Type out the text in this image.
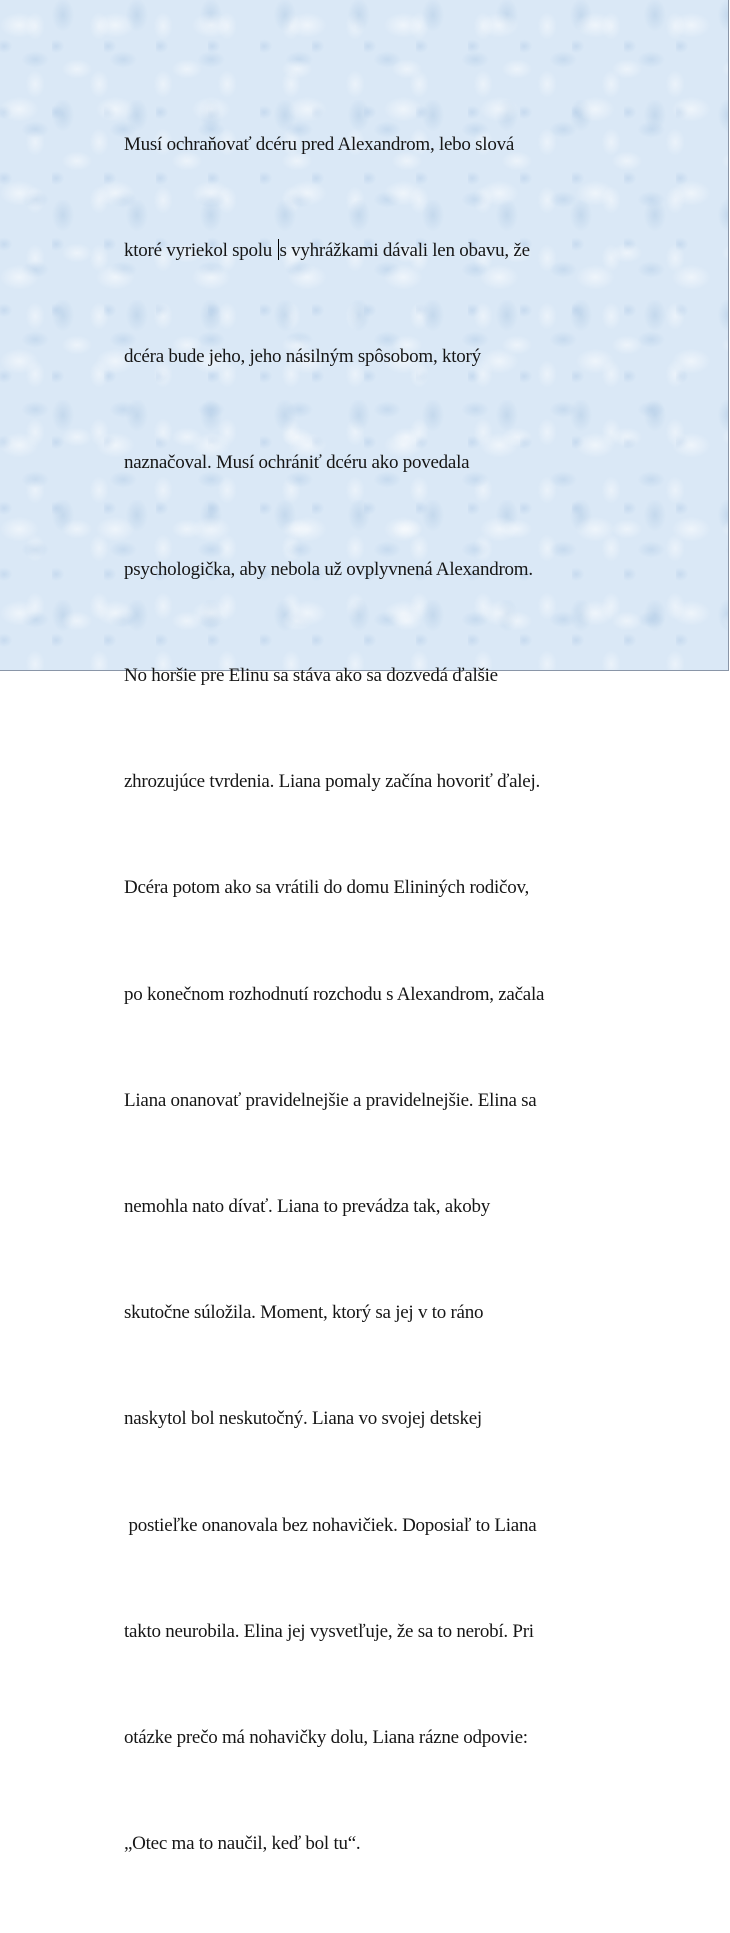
Musí ochraňovať dcéru pred Alexandrom, lebo slová

ktoré vyriekol spolu s vyhrážkami dávali len obavu, že

dcéra bude jeho, jeho násilným spôsobom, ktorý

naznačoval. Musí ochrániť dcéru ako povedala

psychologička, aby nebola už ovplyvnená Alexandrom.

No horšie pre Elinu sa stáva ako sa dozvedá ďalšie

zhrozujúce tvrdenia. Liana pomaly začína hovoriť ďalej.

Dcéra potom ako sa vrátili do domu Elininých rodičov,

po konečnom rozhodnutí rozchodu s Alexandrom, začala

Liana onanovať pravidelnejšie a pravidelnejšie. Elina sa

nemohla nato dívať. Liana to prevádza tak, akoby

skutočne súložila. Moment, ktorý sa jej v to ráno

naskytol bol neskutočný. Liana vo svojej detskej

postieľke onanovala bez nohavičiek. Doposiaľ to Liana

takto neurobila. Elina jej vysvetľuje, že sa to nerobí. Pri

otázke prečo má nohavičky dolu, Liana rázne odpovie:

„Otec ma to naučil, keď bol tu“.
